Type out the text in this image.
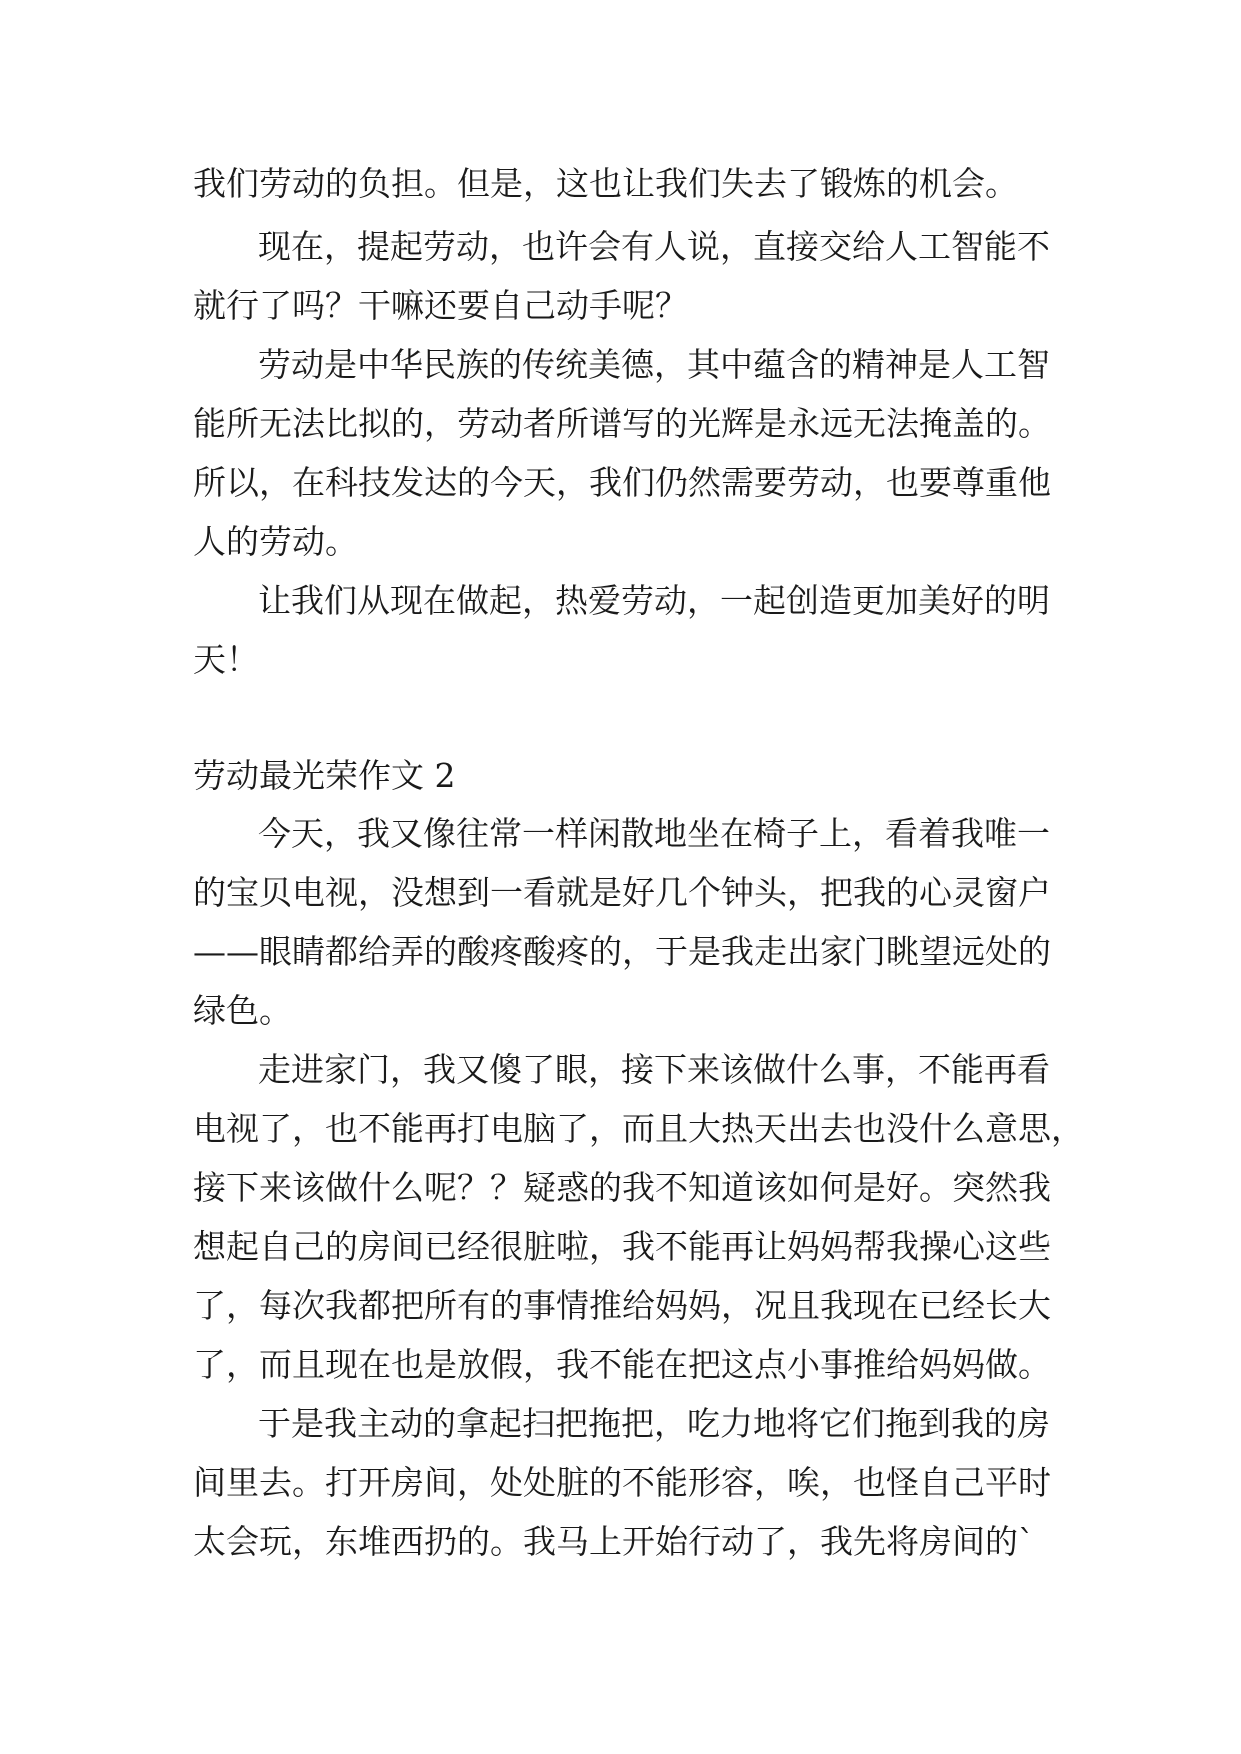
我们劳动的负担。但是，这也让我们失去了锻炼的机会。

现在，提起劳动，也许会有人说，直接交给人工智能不

就行了吗？干嘛还要自己动手呢？

劳动是中华民族的传统美德，其中蕴含的精神是人工智

能所无法比拟的，劳动者所谱写的光辉是永远无法掩盖的。

所以，在科技发达的今天，我们仍然需要劳动，也要尊重他

人的劳动。

让我们从现在做起，热爱劳动，一起创造更加美好的明

天！

劳动最光荣作文 2

今天，我又像往常一样闲散地坐在椅子上，看着我唯一

的宝贝电视，没想到一看就是好几个钟头，把我的心灵窗户

——眼睛都给弄的酸疼酸疼的，于是我走出家门眺望远处的

绿色。

走进家门，我又傻了眼，接下来该做什么事，不能再看

电视了，也不能再打电脑了，而且大热天出去也没什么意思，

接下来该做什么呢？？疑惑的我不知道该如何是好。突然我

想起自己的房间已经很脏啦，我不能再让妈妈帮我操心这些

了，每次我都把所有的事情推给妈妈，况且我现在已经长大

了，而且现在也是放假，我不能在把这点小事推给妈妈做。

于是我主动的拿起扫把拖把，吃力地将它们拖到我的房

间里去。打开房间，处处脏的不能形容，唉，也怪自己平时

太会玩，东堆西扔的。我马上开始行动了，我先将房间的`
